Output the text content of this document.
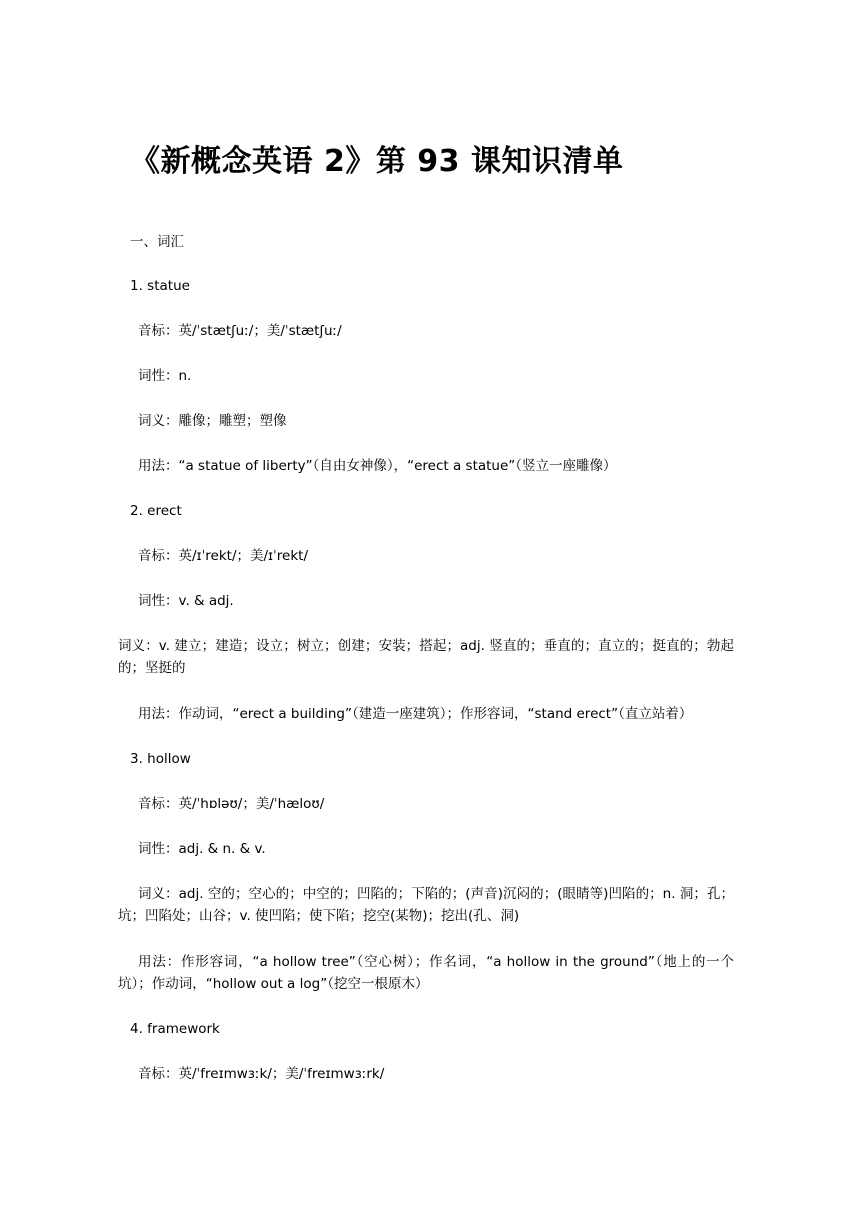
《新概念英语 2》第 93 课知识清单
一、词汇
1. statue
音标：英/ˈstætʃuː/；美/ˈstætʃuː/
词性：n.
词义：雕像；雕塑；塑像
用法：“a statue of liberty”（自由女神像），“erect a statue”（竖立一座雕像）
2. erect
音标：英/ɪˈrekt/；美/ɪˈrekt/
词性：v. & adj.
词义：v. 建立；建造；设立；树立；创建；安装；搭起；adj. 竖直的；垂直的；直立的；挺直的；勃起的；坚挺的
用法：作动词，“erect a building”（建造一座建筑）；作形容词，“stand erect”（直立站着）
3. hollow
音标：英/ˈhɒləʊ/；美/ˈhæloʊ/
词性：adj. & n. & v.
词义：adj. 空的；空心的；中空的；凹陷的；下陷的；(声音)沉闷的；(眼睛等)凹陷的；n. 洞；孔；坑；凹陷处；山谷；v. 使凹陷；使下陷；挖空(某物)；挖出(孔、洞)
用法：作形容词，“a hollow tree”（空心树）；作名词，“a hollow in the ground”（地上的一个坑）；作动词，“hollow out a log”（挖空一根原木）
4. framework
音标：英/ˈfreɪmwɜːk/；美/ˈfreɪmwɜːrk/
